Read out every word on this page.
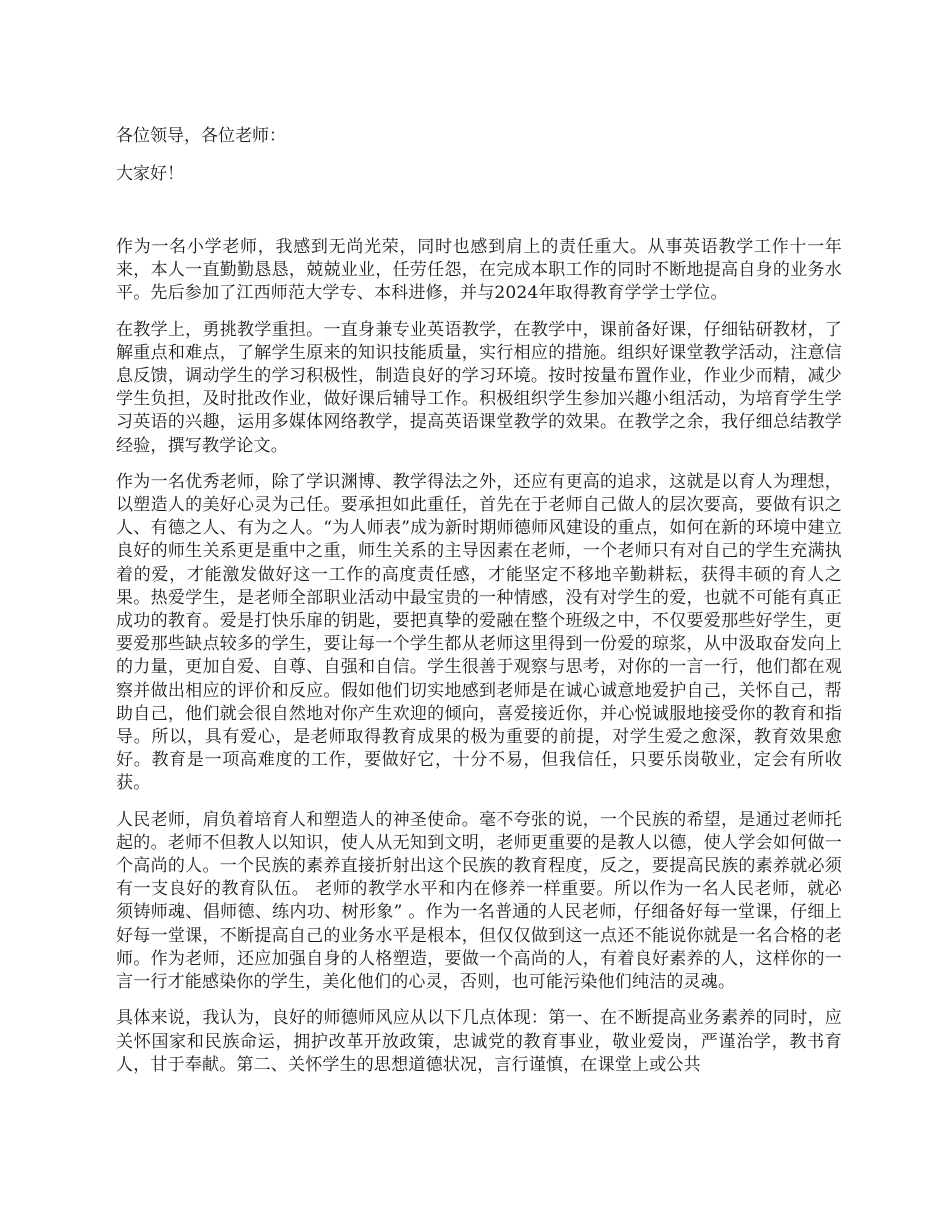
各位领导，各位老师：

大家好！

作为一名小学老师，我感到无尚光荣，同时也感到肩上的责任重大。从事英语教学工作十一年来，本人一直勤勤恳恳，兢兢业业，任劳任怨，在完成本职工作的同时不断地提高自身的业务水平。先后参加了江西师范大学专、本科进修，并与2024年取得教育学学士学位。

在教学上，勇挑教学重担。一直身兼专业英语教学，在教学中，课前备好课，仔细钻研教材，了解重点和难点，了解学生原来的知识技能质量，实行相应的措施。组织好课堂教学活动，注意信息反馈，调动学生的学习积极性，制造良好的学习环境。按时按量布置作业，作业少而精，减少学生负担，及时批改作业，做好课后辅导工作。积极组织学生参加兴趣小组活动，为培育学生学习英语的兴趣，运用多媒体网络教学，提高英语课堂教学的效果。在教学之余，我仔细总结教学经验，撰写教学论文。

作为一名优秀老师，除了学识渊博、教学得法之外，还应有更高的追求，这就是以育人为理想，以塑造人的美好心灵为己任。要承担如此重任，首先在于老师自己做人的层次要高，要做有识之人、有德之人、有为之人。“为人师表”成为新时期师德师风建设的重点，如何在新的环境中建立良好的师生关系更是重中之重，师生关系的主导因素在老师，一个老师只有对自己的学生充满执着的爱，才能激发做好这一工作的高度责任感，才能坚定不移地辛勤耕耘，获得丰硕的育人之果。热爱学生，是老师全部职业活动中最宝贵的一种情感，没有对学生的爱，也就不可能有真正成功的教育。爱是打快乐扉的钥匙，要把真挚的爱融在整个班级之中，不仅要爱那些好学生，更要爱那些缺点较多的学生，要让每一个学生都从老师这里得到一份爱的琼浆，从中汲取奋发向上的力量，更加自爱、自尊、自强和自信。学生很善于观察与思考，对你的一言一行，他们都在观察并做出相应的评价和反应。假如他们切实地感到老师是在诚心诚意地爱护自己，关怀自己，帮助自己，他们就会很自然地对你产生欢迎的倾向，喜爱接近你，并心悦诚服地接受你的教育和指导。所以，具有爱心，是老师取得教育成果的极为重要的前提，对学生爱之愈深，教育效果愈好。教育是一项高难度的工作，要做好它，十分不易，但我信任，只要乐岗敬业，定会有所收获。

人民老师，肩负着培育人和塑造人的神圣使命。毫不夸张的说，一个民族的希望，是通过老师托起的。老师不但教人以知识，使人从无知到文明，老师更重要的是教人以德，使人学会如何做一个高尚的人。一个民族的素养直接折射出这个民族的教育程度，反之，要提高民族的素养就必须有一支良好的教育队伍。 老师的教学水平和内在修养一样重要。所以作为一名人民老师，就必须铸师魂、倡师德、练内功、树形象” 。作为一名普通的人民老师，仔细备好每一堂课，仔细上好每一堂课，不断提高自己的业务水平是根本，但仅仅做到这一点还不能说你就是一名合格的老师。作为老师，还应加强自身的人格塑造，要做一个高尚的人，有着良好素养的人，这样你的一言一行才能感染你的学生，美化他们的心灵，否则，也可能污染他们纯洁的灵魂。

具体来说，我认为，良好的师德师风应从以下几点体现：第一、在不断提高业务素养的同时，应关怀国家和民族命运，拥护改革开放政策，忠诚党的教育事业，敬业爱岗，严谨治学，教书育人，甘于奉献。第二、关怀学生的思想道德状况，言行谨慎，在课堂上或公共
